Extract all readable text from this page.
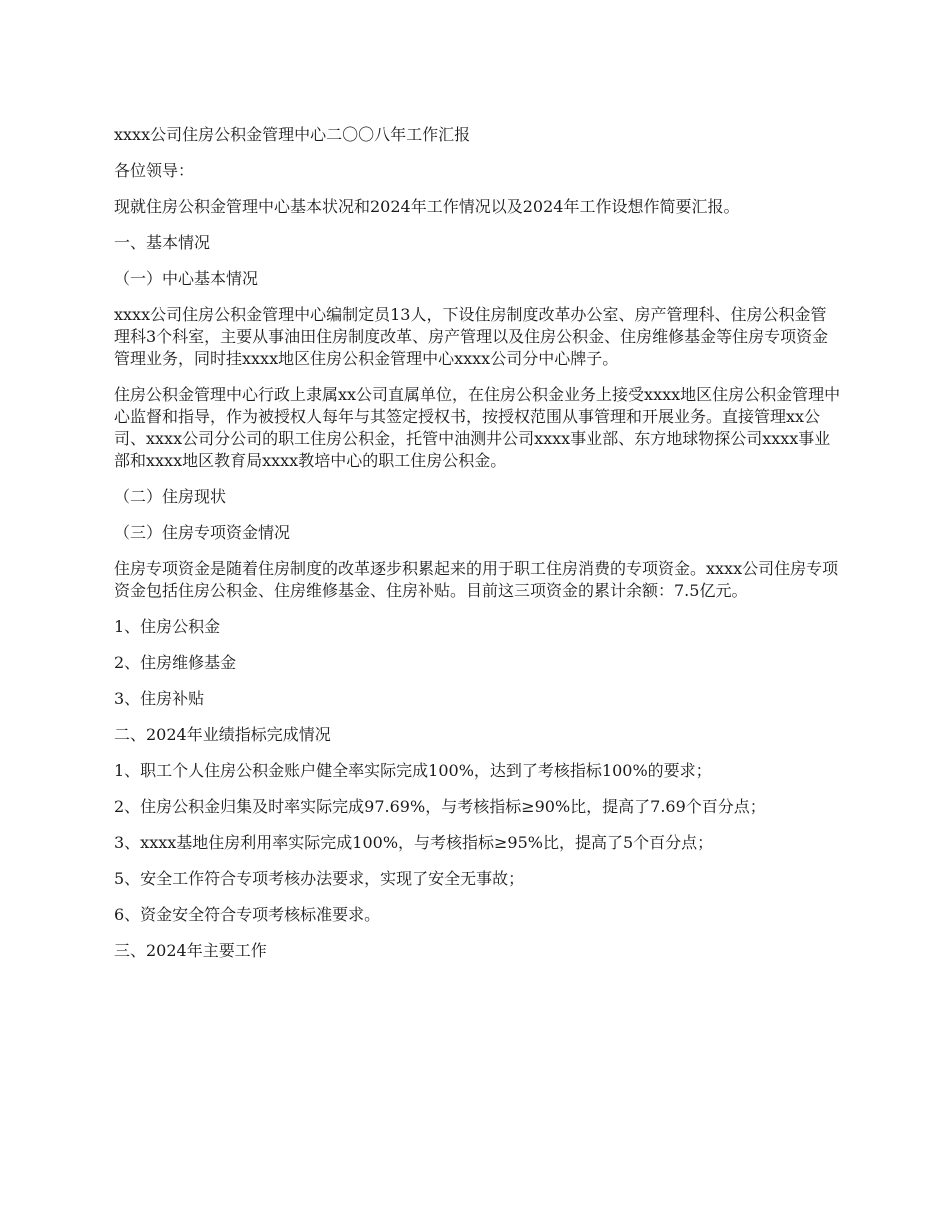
xxxx公司住房公积金管理中心二〇〇八年工作汇报

各位领导：

现就住房公积金管理中心基本状况和2024年工作情况以及2024年工作设想作简要汇报。

一、基本情况

（一）中心基本情况

xxxx公司住房公积金管理中心编制定员13人，下设住房制度改革办公室、房产管理科、住房公积金管理科3个科室，主要从事油田住房制度改革、房产管理以及住房公积金、住房维修基金等住房专项资金管理业务，同时挂xxxx地区住房公积金管理中心xxxx公司分中心牌子。

住房公积金管理中心行政上隶属xx公司直属单位，在住房公积金业务上接受xxxx地区住房公积金管理中心监督和指导，作为被授权人每年与其签定授权书，按授权范围从事管理和开展业务。直接管理xx公司、xxxx公司分公司的职工住房公积金，托管中油测井公司xxxx事业部、东方地球物探公司xxxx事业部和xxxx地区教育局xxxx教培中心的职工住房公积金。

（二）住房现状

（三）住房专项资金情况

住房专项资金是随着住房制度的改革逐步积累起来的用于职工住房消费的专项资金。xxxx公司住房专项资金包括住房公积金、住房维修基金、住房补贴。目前这三项资金的累计余额：7.5亿元。

1、住房公积金

2、住房维修基金

3、住房补贴

二、2024年业绩指标完成情况

1、职工个人住房公积金账户健全率实际完成100%，达到了考核指标100%的要求；

2、住房公积金归集及时率实际完成97.69%，与考核指标≥90%比，提高了7.69个百分点；

3、xxxx基地住房利用率实际完成100%，与考核指标≥95%比，提高了5个百分点；

5、安全工作符合专项考核办法要求，实现了安全无事故；

6、资金安全符合专项考核标准要求。

三、2024年主要工作
